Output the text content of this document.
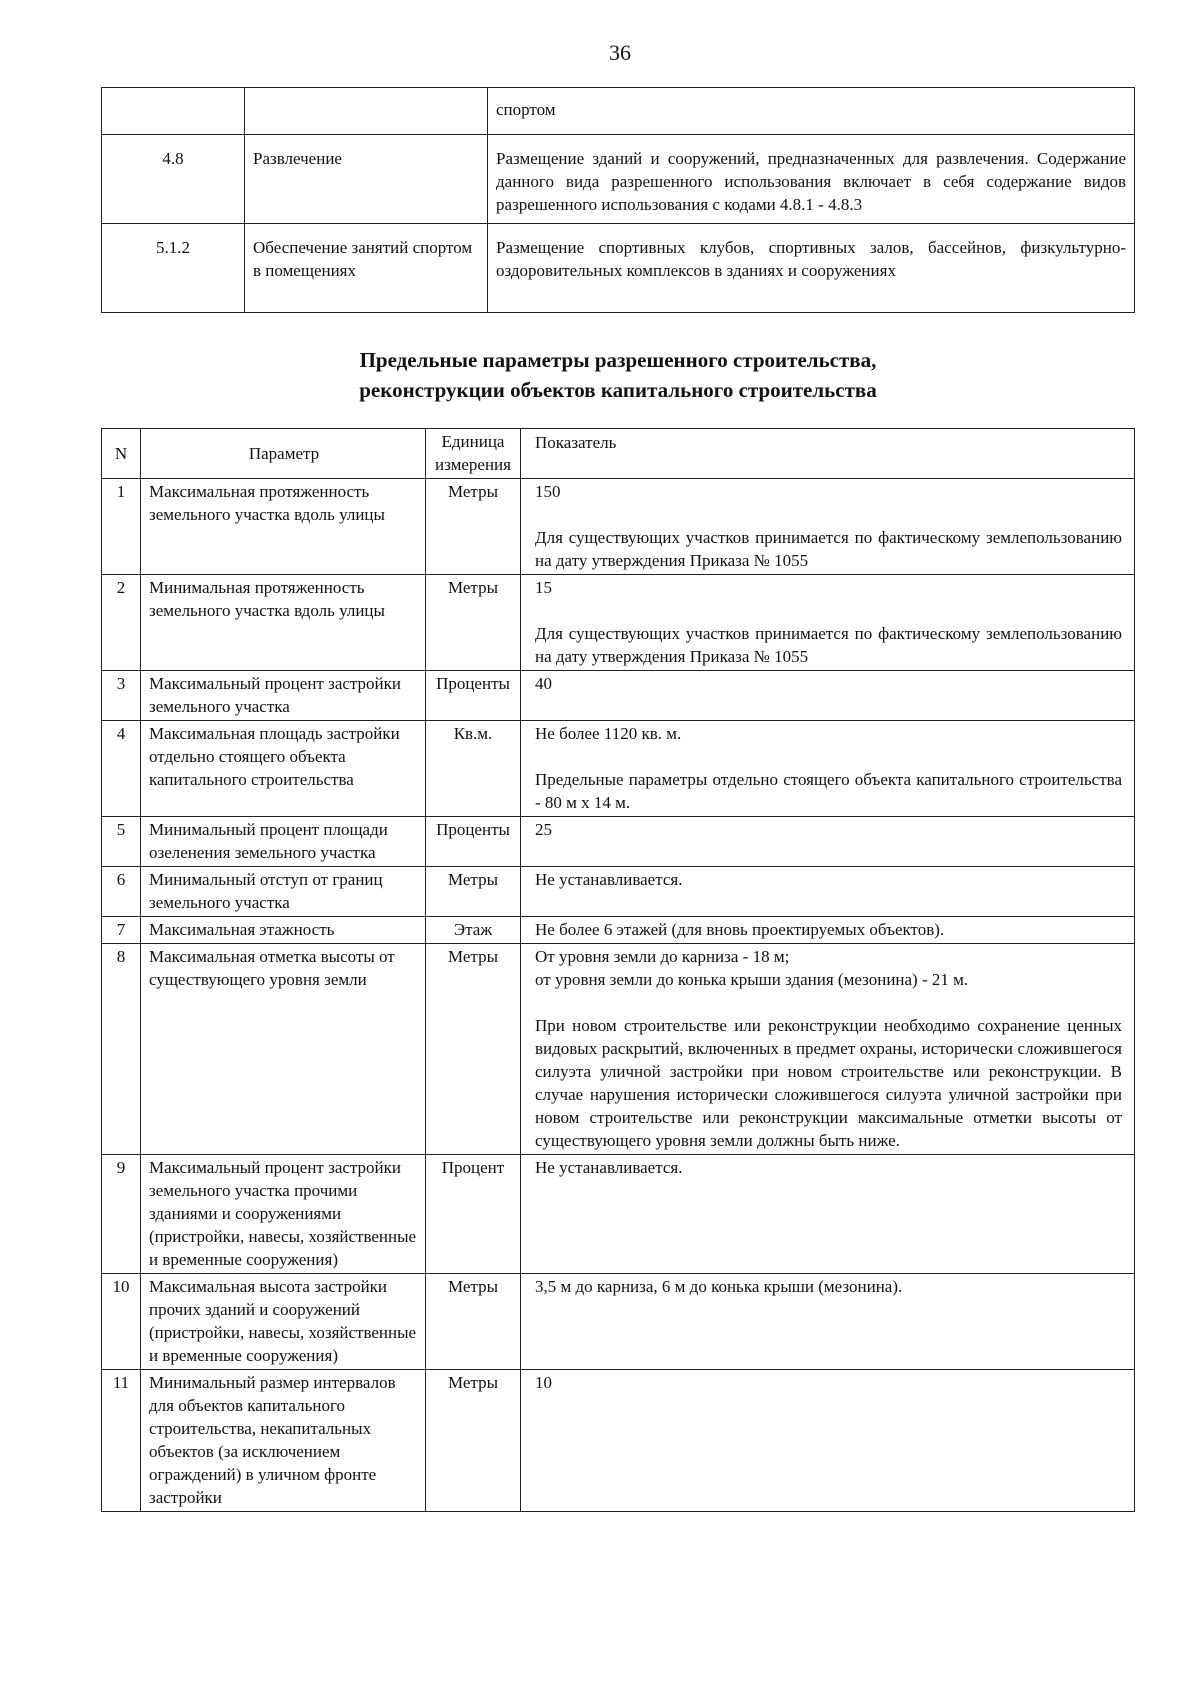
36
		спортом
4.8	Развлечение	Размещение зданий и сооружений, предназначенных для развлечения. Содержание данного вида разрешенного использования включает в себя содержание видов разрешенного использования с кодами 4.8.1 - 4.8.3
5.1.2	Обеспечение занятий спортом в помещениях	Размещение спортивных клубов, спортивных залов, бассейнов, физкультурно-оздоровительных комплексов в зданиях и сооружениях
Предельные параметры разрешенного строительства,
реконструкции объектов капитального строительства
N	Параметр	Единица измерения	Показатель
1	Максимальная протяженность земельного участка вдоль улицы	Метры	150
Для существующих участков принимается по фактическому землепользованию на дату утверждения Приказа № 1055

2	Минимальная протяженность земельного участка вдоль улицы	Метры	15
Для существующих участков принимается по фактическому землепользованию на дату утверждения Приказа № 1055

3	Максимальный процент застройки земельного участка	Проценты	40

4	Максимальная площадь застройки отдельно стоящего объекта капитального строительства	Кв.м.	Не более 1120 кв. м.
Предельные параметры отдельно стоящего объекта капитального строительства - 80 м х 14 м.

5	Минимальный процент площади озеленения земельного участка	Проценты	25

6	Минимальный отступ от границ земельного участка	Метры	Не устанавливается.

7	Максимальная этажность	Этаж	Не более 6 этажей (для вновь проектируемых объектов).

8	Максимальная отметка высоты от существующего уровня земли	Метры	От уровня земли до карниза - 18 м;
от уровня земли до конька крыши здания (мезонина) - 21 м.
При новом строительстве или реконструкции необходимо сохранение ценных видовых раскрытий, включенных в предмет охраны, исторически сложившегося силуэта уличной застройки при новом строительстве или реконструкции. В случае нарушения исторически сложившегося силуэта уличной застройки при новом строительстве или реконструкции максимальные отметки высоты от существующего уровня земли должны быть ниже.

9	Максимальный процент застройки земельного участка прочими зданиями и сооружениями (пристройки, навесы, хозяйственные и временные сооружения)	Процент	Не устанавливается.

10	Максимальная высота застройки прочих зданий и сооружений (пристройки, навесы, хозяйственные и временные сооружения)	Метры	3,5 м до карниза, 6 м до конька крыши (мезонина).

11	Минимальный размер интервалов для объектов капитального строительства, некапитальных объектов (за исключением ограждений) в уличном фронте застройки	Метры	10
